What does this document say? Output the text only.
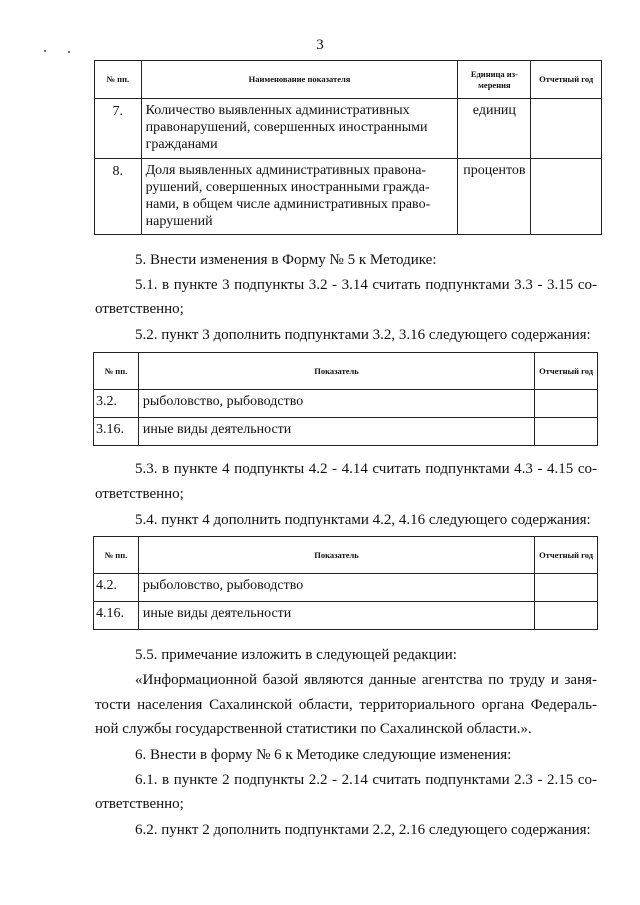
3
№ пп.	Наименование показателя	Единица из-мерения	Отчетный год
7.	Количество выявленных административных правонарушений, совершенных иностранными гражданами	единиц	
8.	Доля выявленных административных правона-рушений, совершенных иностранными гражда-нами, в общем числе административных право-нарушений	процентов	
5. Внести изменения в Форму № 5 к Методике:
5.1. в пункте 3 подпункты 3.2 - 3.14 считать подпунктами 3.3 - 3.15 со-
ответственно;
5.2. пункт 3 дополнить подпунктами 3.2, 3.16 следующего содержания:
№ пп.	Показатель	Отчетный год
3.2.	рыболовство, рыбоводство	
3.16.	иные виды деятельности	
5.3. в пункте 4 подпункты 4.2 - 4.14 считать подпунктами 4.3 - 4.15 со-
ответственно;
5.4. пункт 4 дополнить подпунктами 4.2, 4.16 следующего содержания:
№ пп.	Показатель	Отчетный год
4.2.	рыболовство, рыбоводство	
4.16.	иные виды деятельности	
5.5. примечание изложить в следующей редакции:
«Информационной базой являются данные агентства по труду и заня-
тости населения Сахалинской области, территориального органа Федераль-
ной службы государственной статистики по Сахалинской области.».
6. Внести в форму № 6 к Методике следующие изменения:
6.1. в пункте 2 подпункты 2.2 - 2.14 считать подпунктами 2.3 - 2.15 со-
ответственно;
6.2. пункт 2 дополнить подпунктами 2.2, 2.16 следующего содержания:
